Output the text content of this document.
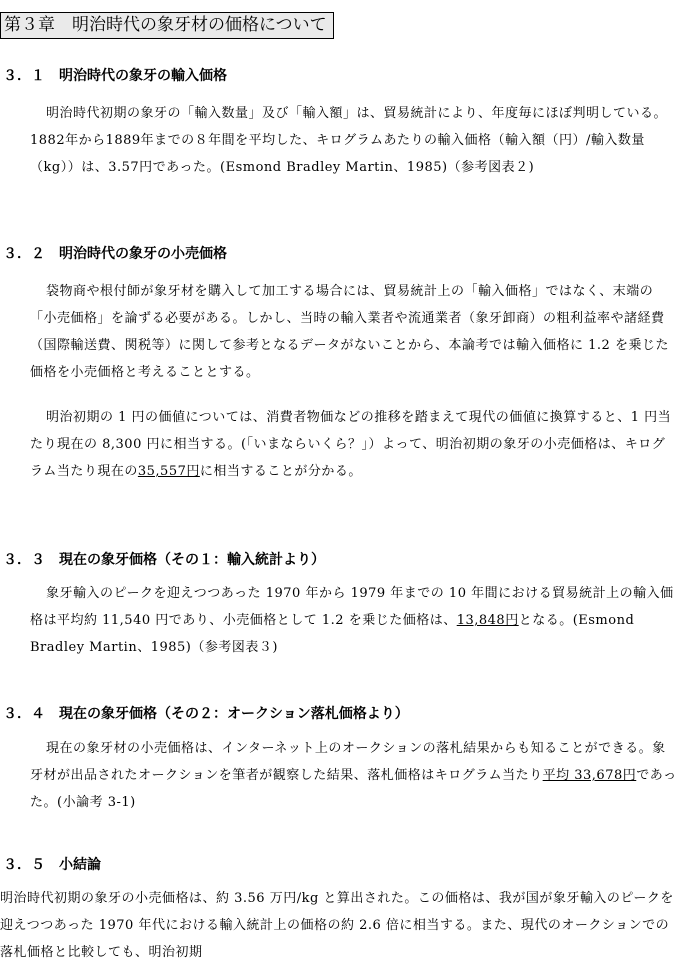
第３章　明治時代の象牙材の価格について
３．１　明治時代の象牙の輸入価格
明治時代初期の象牙の「輸入数量」及び「輸入額」は、貿易統計により、年度毎にほぼ判明している。1882年から1889年までの８年間を平均した、キログラムあたりの輸入価格（輸入額（円）/輸入数量（kg））は、3.57円であった。(Esmond Bradley Martin、1985)（参考図表２)
３．２　明治時代の象牙の小売価格
袋物商や根付師が象牙材を購入して加工する場合には、貿易統計上の「輸入価格」ではなく、末端の「小売価格」を論ずる必要がある。しかし、当時の輸入業者や流通業者（象牙卸商）の粗利益率や諸経費（国際輸送費、関税等）に関して参考となるデータがないことから、本論考では輸入価格に 1.2 を乗じた価格を小売価格と考えることとする。
明治初期の 1 円の価値については、消費者物価などの推移を踏まえて現代の価値に換算すると、1 円当たり現在の 8,300 円に相当する。(「いまならいくら？」）よって、明治初期の象牙の小売価格は、キログラム当たり現在の35,557円に相当することが分かる。
３．３　現在の象牙価格（その１：輸入統計より）
象牙輸入のピークを迎えつつあった 1970 年から 1979 年までの 10 年間における貿易統計上の輸入価格は平均約 11,540 円であり、小売価格として 1.2 を乗じた価格は、13,848円となる。(Esmond Bradley Martin、1985)（参考図表３)
３．４　現在の象牙価格（その２：オークション落札価格より）
現在の象牙材の小売価格は、インターネット上のオークションの落札結果からも知ることができる。象牙材が出品されたオークションを筆者が観察した結果、落札価格はキログラム当たり平均 33,678円であった。(小論考 3-1)
３．５　小結論
明治時代初期の象牙の小売価格は、約 3.56 万円/kg と算出された。この価格は、我が国が象牙輸入のピークを迎えつつあった 1970 年代における輸入統計上の価格の約 2.6 倍に相当する。また、現代のオークションでの落札価格と比較しても、明治初期
